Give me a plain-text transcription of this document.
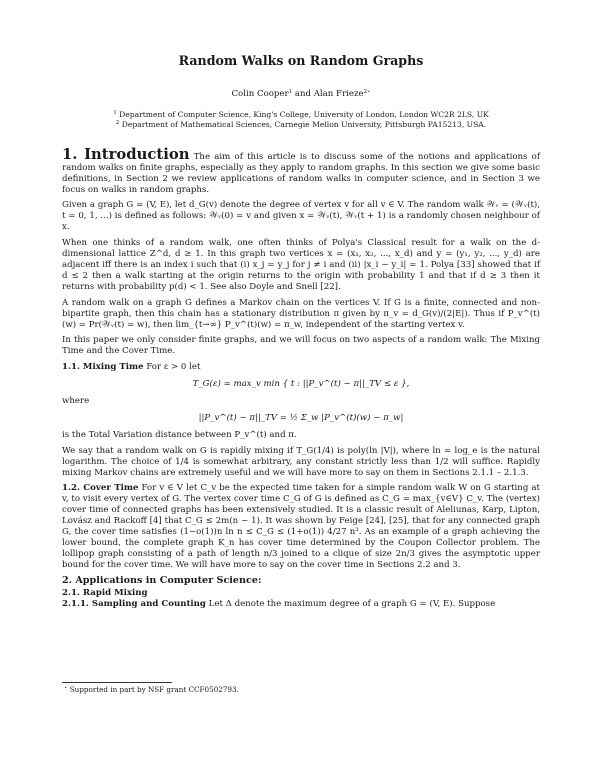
Random Walks on Random Graphs
Colin Cooper$^1$ and Alan Frieze$^{2⋆}$
$^1$ Department of Computer Science, King's College, University of London, London WC2R 2LS, UK
$^2$ Department of Mathematical Sciences, Carnegie Mellon University, Pittsburgh PA15213, USA.

1. Introduction The aim of this article is to discuss some of the notions and applications of random walks on finite graphs, especially as they apply to random graphs. In this section we give some basic definitions, in Section 2 we review applications of random walks in computer science, and in Section 3 we focus on walks in random graphs.

Given a graph G = (V, E), let d_G(v) denote the degree of vertex v for all v ∈ V. The random walk 𝒲ᵥ = (𝒲ᵥ(t), t = 0, 1, ...) is defined as follows: 𝒲ᵥ(0) = v and given x = 𝒲ᵥ(t), 𝒲ᵥ(t + 1) is a randomly chosen neighbour of x.

When one thinks of a random walk, one often thinks of Polya's Classical result for a walk on the d-dimensional lattice Z^d, d ≥ 1. In this graph two vertices x = (x₁, x₂, ..., x_d) and y = (y₁, y₂, ..., y_d) are adjacent iff there is an index i such that (i) x_j = y_j for j ≠ i and (ii) |x_i − y_i| = 1. Polya [33] showed that if d ≤ 2 then a walk starting at the origin returns to the origin with probability 1 and that if d ≥ 3 then it returns with probability p(d) < 1. See also Doyle and Snell [22].

A random walk on a graph G defines a Markov chain on the vertices V. If G is a finite, connected and non-bipartite graph, then this chain has a stationary distribution π given by π_v = d_G(v)/(2|E|). Thus if P_v^(t)(w) = Pr(𝒲ᵥ(t) = w), then lim_{t→∞} P_v^(t)(w) = π_w, independent of the starting vertex v.

In this paper we only consider finite graphs, and we will focus on two aspects of a random walk: The Mixing Time and the Cover Time.

1.1. Mixing Time For ε > 0 let

T_G(ε) = max_v min { t : ||P_v^(t) − π||_TV ≤ ε },

where

||P_v^(t) − π||_TV = ½ Σ_w |P_v^(t)(w) − π_w|

is the Total Variation distance between P_v^(t) and π.

We say that a random walk on G is rapidly mixing if T_G(1/4) is poly(ln |V|), where ln = log_e is the natural logarithm. The choice of 1/4 is somewhat arbitrary, any constant strictly less than 1/2 will suffice. Rapidly mixing Markov chains are extremely useful and we will have more to say on them in Sections 2.1.1 – 2.1.3.

1.2. Cover Time For v ∈ V let C_v be the expected time taken for a simple random walk W on G starting at v, to visit every vertex of G. The vertex cover time C_G of G is defined as C_G = max_{v∈V} C_v. The (vertex) cover time of connected graphs has been extensively studied. It is a classic result of Aleliunas, Karp, Lipton, Lovász and Rackoff [4] that C_G ≤ 2m(n − 1). It was shown by Feige [24], [25], that for any connected graph G, the cover time satisfies (1−o(1))n ln n ≤ C_G ≤ (1+o(1)) 4/27 n³. As an example of a graph achieving the lower bound, the complete graph K_n has cover time determined by the Coupon Collector problem. The lollipop graph consisting of a path of length n/3 joined to a clique of size 2n/3 gives the asymptotic upper bound for the cover time. We will have more to say on the cover time in Sections 2.2 and 3.

2. Applications in Computer Science:
2.1. Rapid Mixing

2.1.1. Sampling and Counting Let Δ denote the maximum degree of a graph G = (V, E). Suppose

⋆ Supported in part by NSF grant CCF0502793.
